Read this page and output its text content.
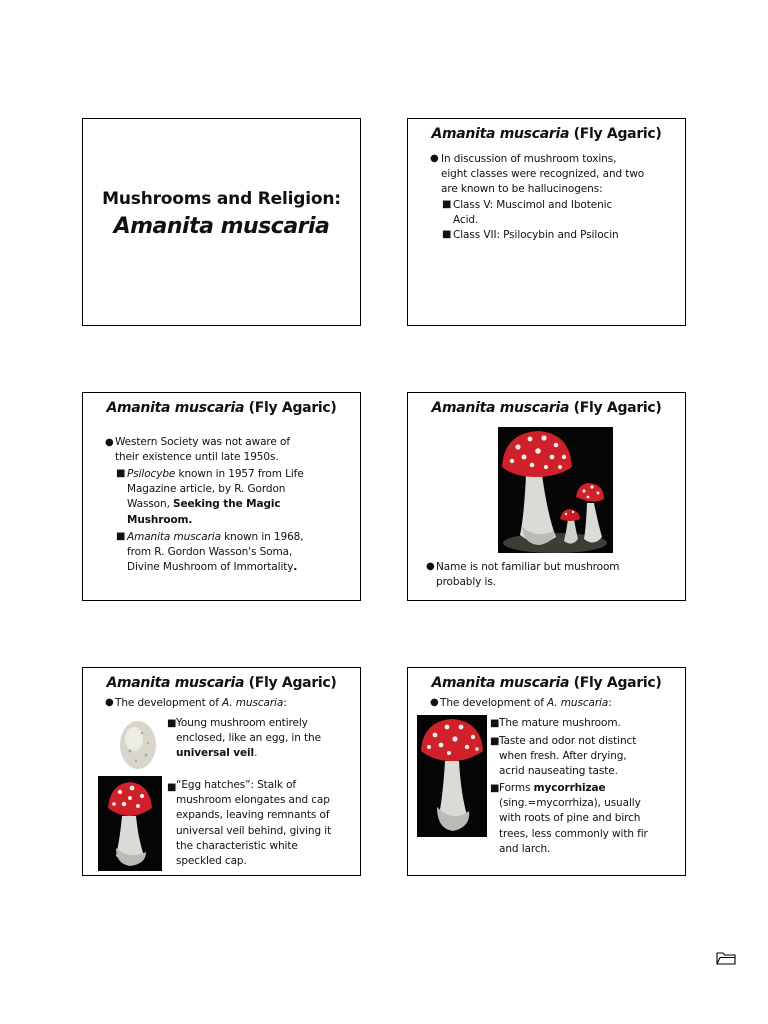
Mushrooms and Religion:
Amanita muscaria
Amanita muscaria (Fly Agaric)
● In discussion of mushroom toxins,
eight classes were recognized, and two
are known to be hallucinogens:
■ Class V: Muscimol and Ibotenic
Acid.
■ Class VII: Psilocybin and Psilocin
Amanita muscaria (Fly Agaric)
● Western Society was not aware of
their existence until late 1950s.
■ Psilocybe known in 1957 from Life
Magazine article, by R. Gordon
Wasson, Seeking the Magic
Mushroom.
■ Amanita muscaria known in 1968,
from R. Gordon Wasson's Soma,
Divine Mushroom of Immortality.
Amanita muscaria (Fly Agaric)
● Name is not familiar but mushroom
probably is.
Amanita muscaria (Fly Agaric)
● The development of A. muscaria:
■ Young mushroom entirely
enclosed, like an egg, in the
universal veil.
■ “Egg hatches”: Stalk of
mushroom elongates and cap
expands, leaving remnants of
universal veil behind, giving it
the characteristic white
speckled cap.
Amanita muscaria (Fly Agaric)
● The development of A. muscaria:
■ The mature mushroom.
■ Taste and odor not distinct
when fresh. After drying,
acrid nauseating taste.
■ Forms mycorrhizae
(sing.=mycorrhiza), usually
with roots of pine and birch
trees, less commonly with fir
and larch.
